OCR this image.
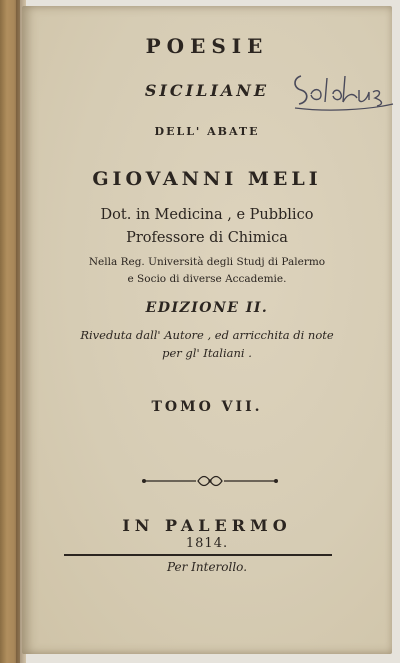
POESIE
SICILIANE
DELL' ABATE
GIOVANNI MELI
Dot. in Medicina , e Pubblico
Professore di Chimica
Nella Reg. Università degli Studj di Palermo
e Socio di diverse Accademie.
EDIZIONE II.
Riveduta dall' Autore , ed arricchita di note
per gl' Italiani .
TOMO VII.
IN PALERMO
1814.
Per Interollo.
